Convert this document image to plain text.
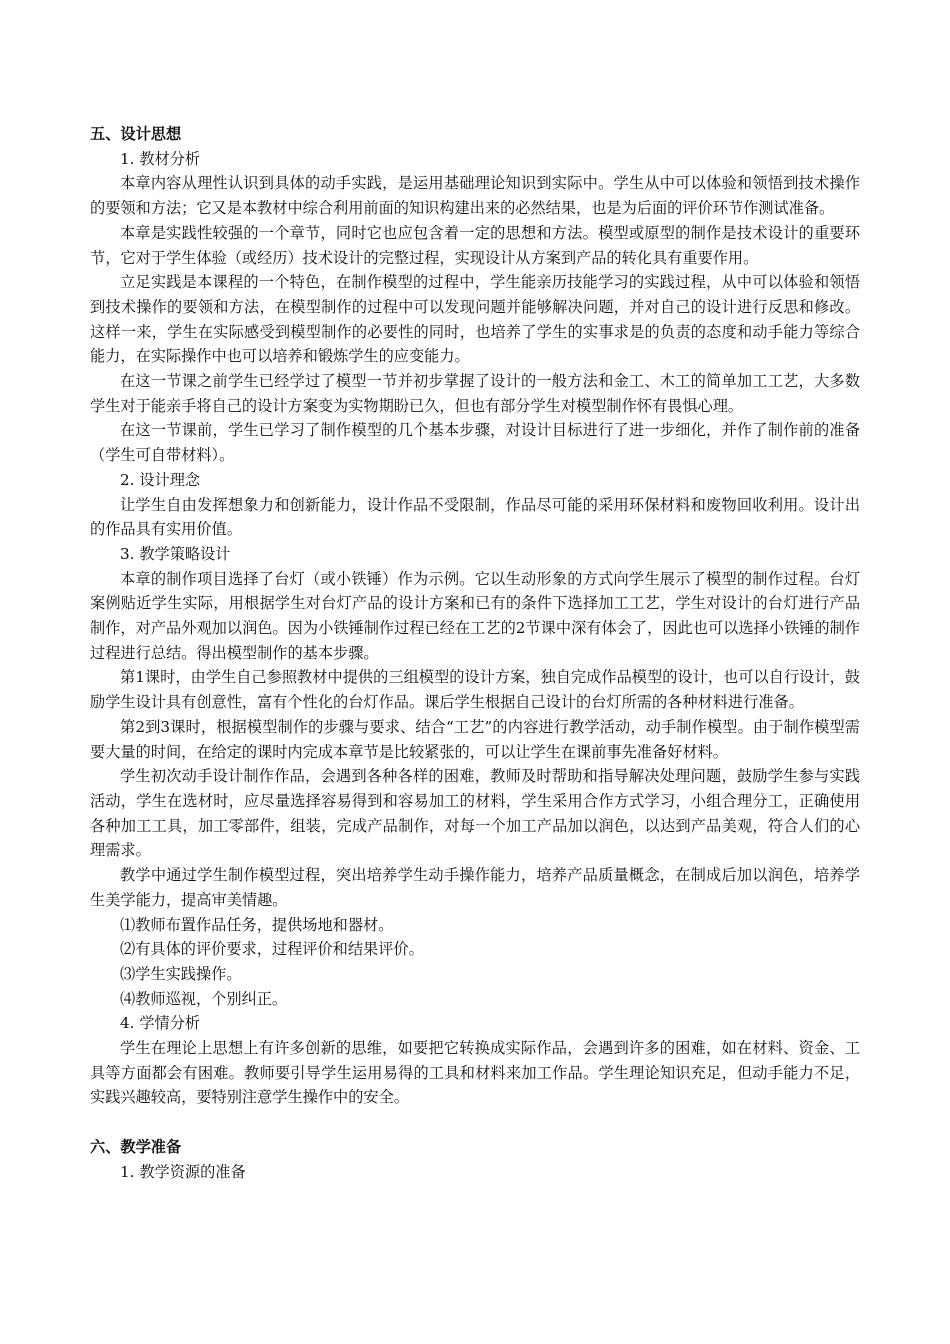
五、设计思想
1. 教材分析

本章内容从理性认识到具体的动手实践，是运用基础理论知识到实际中。学生从中可以体验和领悟到技术操作的要领和方法；它又是本教材中综合利用前面的知识构建出来的必然结果，也是为后面的评价环节作测试准备。

本章是实践性较强的一个章节，同时它也应包含着一定的思想和方法。模型或原型的制作是技术设计的重要环节，它对于学生体验（或经历）技术设计的完整过程，实现设计从方案到产品的转化具有重要作用。

立足实践是本课程的一个特色，在制作模型的过程中，学生能亲历技能学习的实践过程，从中可以体验和领悟到技术操作的要领和方法，在模型制作的过程中可以发现问题并能够解决问题，并对自己的设计进行反思和修改。这样一来，学生在实际感受到模型制作的必要性的同时，也培养了学生的实事求是的负责的态度和动手能力等综合能力，在实际操作中也可以培养和锻炼学生的应变能力。

在这一节课之前学生已经学过了模型一节并初步掌握了设计的一般方法和金工、木工的简单加工工艺，大多数学生对于能亲手将自己的设计方案变为实物期盼已久，但也有部分学生对模型制作怀有畏惧心理。

在这一节课前，学生已学习了制作模型的几个基本步骤，对设计目标进行了进一步细化，并作了制作前的准备（学生可自带材料）。

2. 设计理念

让学生自由发挥想象力和创新能力，设计作品不受限制，作品尽可能的采用环保材料和废物回收利用。设计出的作品具有实用价值。

3. 教学策略设计

本章的制作项目选择了台灯（或小铁锤）作为示例。它以生动形象的方式向学生展示了模型的制作过程。台灯案例贴近学生实际，用根据学生对台灯产品的设计方案和已有的条件下选择加工工艺，学生对设计的台灯进行产品制作，对产品外观加以润色。因为小铁锤制作过程已经在工艺的2节课中深有体会了，因此也可以选择小铁锤的制作过程进行总结。得出模型制作的基本步骤。

第1课时，由学生自己参照教材中提供的三组模型的设计方案，独自完成作品模型的设计，也可以自行设计，鼓励学生设计具有创意性，富有个性化的台灯作品。课后学生根据自己设计的台灯所需的各种材料进行准备。

第2到3课时，根据模型制作的步骤与要求、结合“工艺”的内容进行教学活动，动手制作模型。由于制作模型需要大量的时间，在给定的课时内完成本章节是比较紧张的，可以让学生在课前事先准备好材料。

学生初次动手设计制作作品，会遇到各种各样的困难，教师及时帮助和指导解决处理问题，鼓励学生参与实践活动，学生在选材时，应尽量选择容易得到和容易加工的材料，学生采用合作方式学习，小组合理分工，正确使用各种加工工具，加工零部件，组装，完成产品制作，对每一个加工产品加以润色，以达到产品美观，符合人们的心理需求。

教学中通过学生制作模型过程，突出培养学生动手操作能力，培养产品质量概念，在制成后加以润色，培养学生美学能力，提高审美情趣。

⑴教师布置作品任务，提供场地和器材。
⑵有具体的评价要求，过程评价和结果评价。
⑶学生实践操作。
⑷教师巡视，个别纠正。
4. 学情分析

学生在理论上思想上有许多创新的思维，如要把它转换成实际作品，会遇到许多的困难，如在材料、资金、工具等方面都会有困难。教师要引导学生运用易得的工具和材料来加工作品。学生理论知识充足，但动手能力不足，实践兴趣较高，要特别注意学生操作中的安全。

六、教学准备
1. 教学资源的准备
